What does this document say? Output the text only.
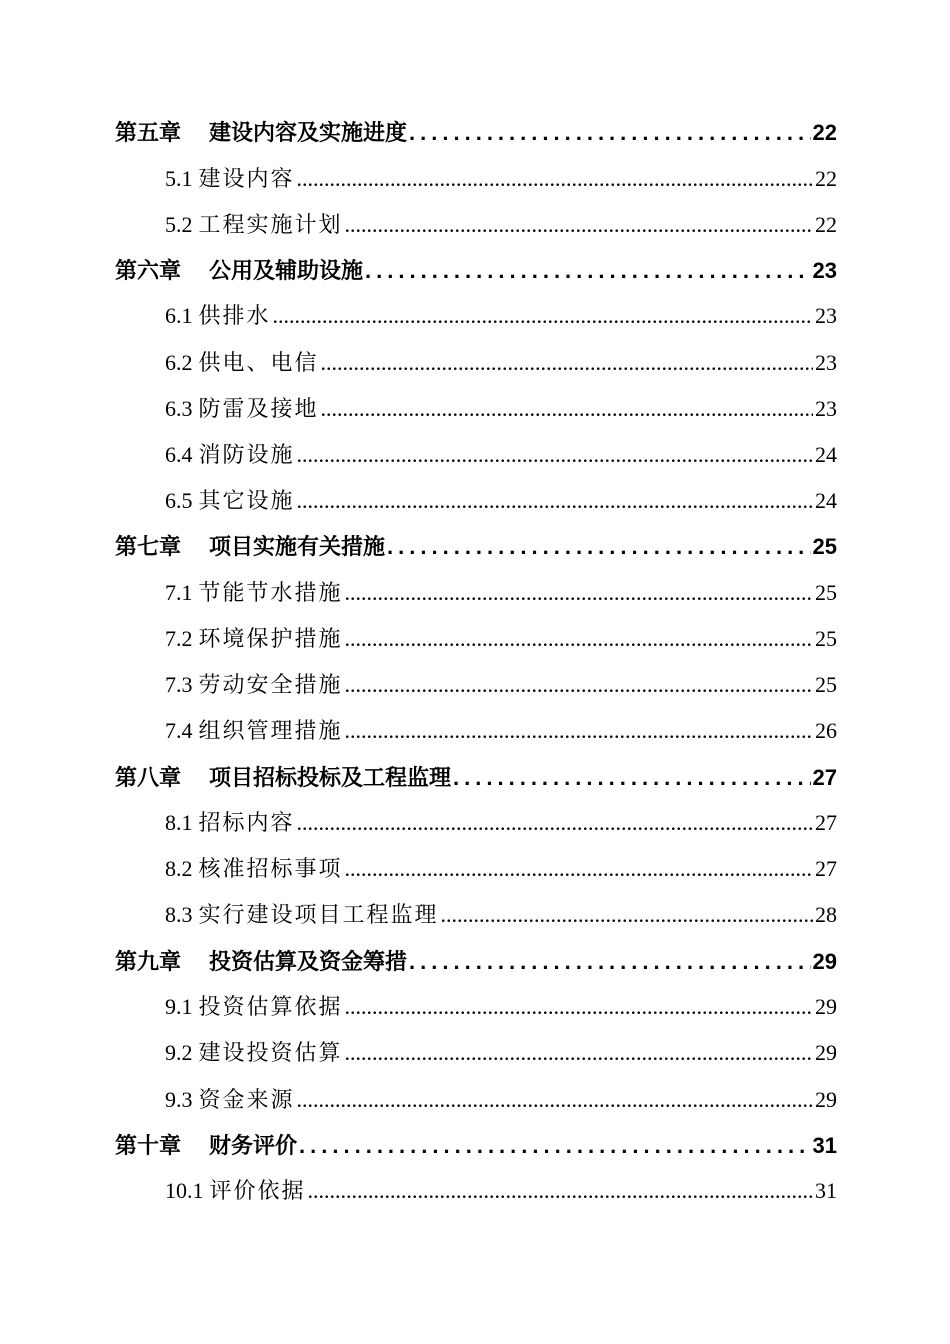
第五章 建设内容及实施进度 .....	22
5.1 建设内容 .....	22
5.2 工程实施计划 .....	22
第六章 公用及辅助设施 .....	23
6.1 供排水 .....	23
6.2 供电、电信 .....	23
6.3 防雷及接地 .....	23
6.4 消防设施 .....	24
6.5 其它设施 .....	24
第七章 项目实施有关措施 .....	25
7.1 节能节水措施 .....	25
7.2 环境保护措施 .....	25
7.3 劳动安全措施 .....	25
7.4 组织管理措施 .....	26
第八章 项目招标投标及工程监理 .....	27
8.1 招标内容 .....	27
8.2 核准招标事项 .....	27
8.3 实行建设项目工程监理 .....	28
第九章 投资估算及资金筹措 .....	29
9.1 投资估算依据 .....	29
9.2 建设投资估算 .....	29
9.3 资金来源 .....	29
第十章 财务评价 .....	31
10.1 评价依据 .....	31
